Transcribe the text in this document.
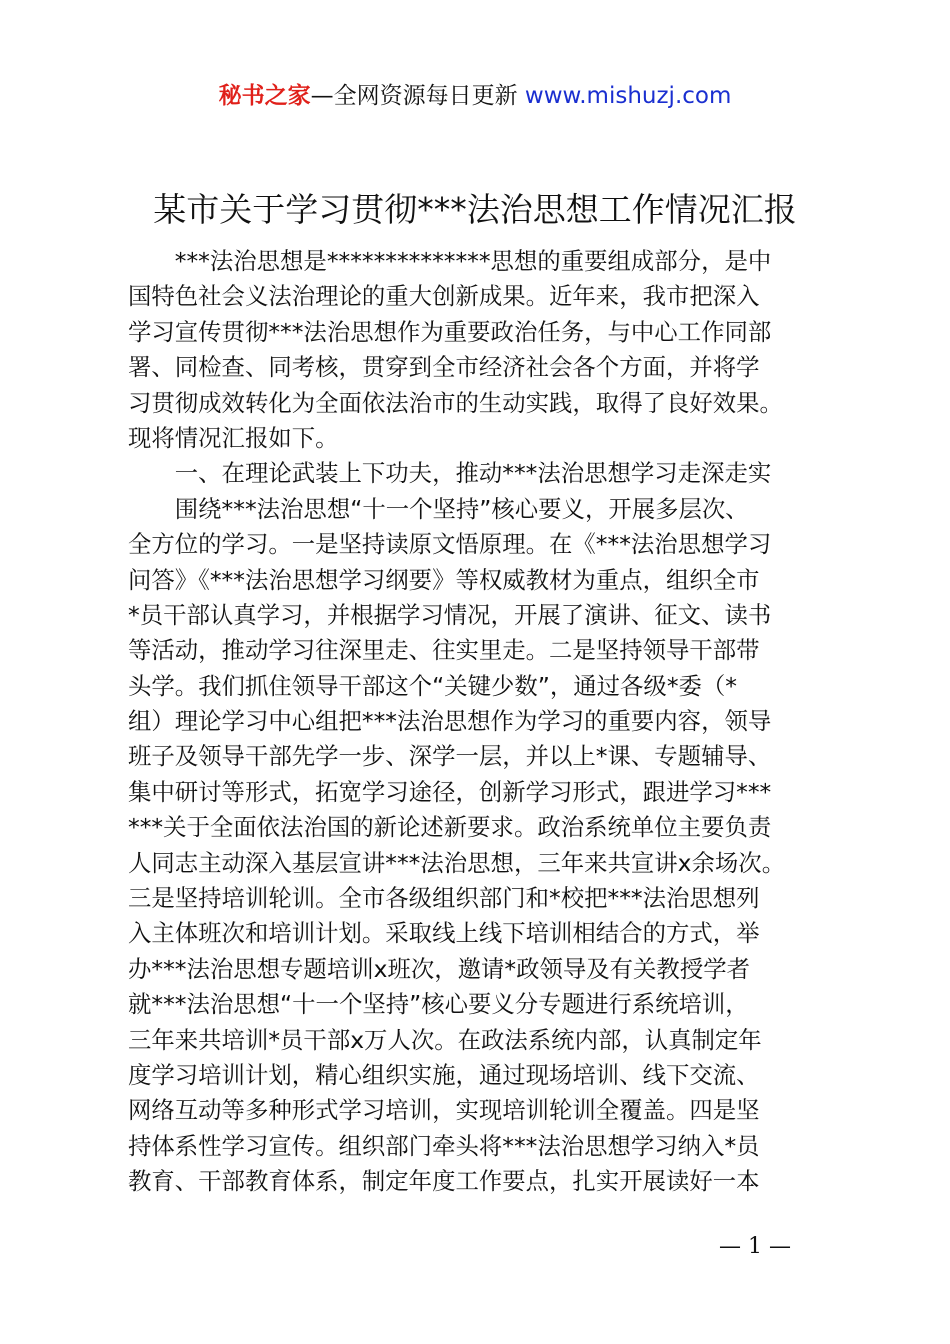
秘书之家—全网资源每日更新 www.mishuzj.com
某市关于学习贯彻***法治思想工作情况汇报
　　***法治思想是**************思想的重要组成部分，是中
国特色社会义法治理论的重大创新成果。近年来，我市把深入
学习宣传贯彻***法治思想作为重要政治任务，与中心工作同部
署、同检查、同考核，贯穿到全市经济社会各个方面，并将学
习贯彻成效转化为全面依法治市的生动实践，取得了良好效果。
现将情况汇报如下。
　　一、在理论武装上下功夫，推动***法治思想学习走深走实
　　围绕***法治思想“十一个坚持”核心要义，开展多层次、
全方位的学习。一是坚持读原文悟原理。在《***法治思想学习
问答》《***法治思想学习纲要》等权威教材为重点，组织全市
*员干部认真学习，并根据学习情况，开展了演讲、征文、读书
等活动，推动学习往深里走、往实里走。二是坚持领导干部带
头学。我们抓住领导干部这个“关键少数”，通过各级*委（*
组）理论学习中心组把***法治思想作为学习的重要内容，领导
班子及领导干部先学一步、深学一层，并以上*课、专题辅导、
集中研讨等形式，拓宽学习途径，创新学习形式，跟进学习***
***关于全面依法治国的新论述新要求。政治系统单位主要负责
人同志主动深入基层宣讲***法治思想，三年来共宣讲x余场次。
三是坚持培训轮训。全市各级组织部门和*校把***法治思想列
入主体班次和培训计划。采取线上线下培训相结合的方式，举
办***法治思想专题培训x班次，邀请*政领导及有关教授学者
就***法治思想“十一个坚持”核心要义分专题进行系统培训，
三年来共培训*员干部x万人次。在政法系统内部，认真制定年
度学习培训计划，精心组织实施，通过现场培训、线下交流、
网络互动等多种形式学习培训，实现培训轮训全覆盖。四是坚
持体系性学习宣传。组织部门牵头将***法治思想学习纳入*员
教育、干部教育体系，制定年度工作要点，扎实开展读好一本
— 1 —
